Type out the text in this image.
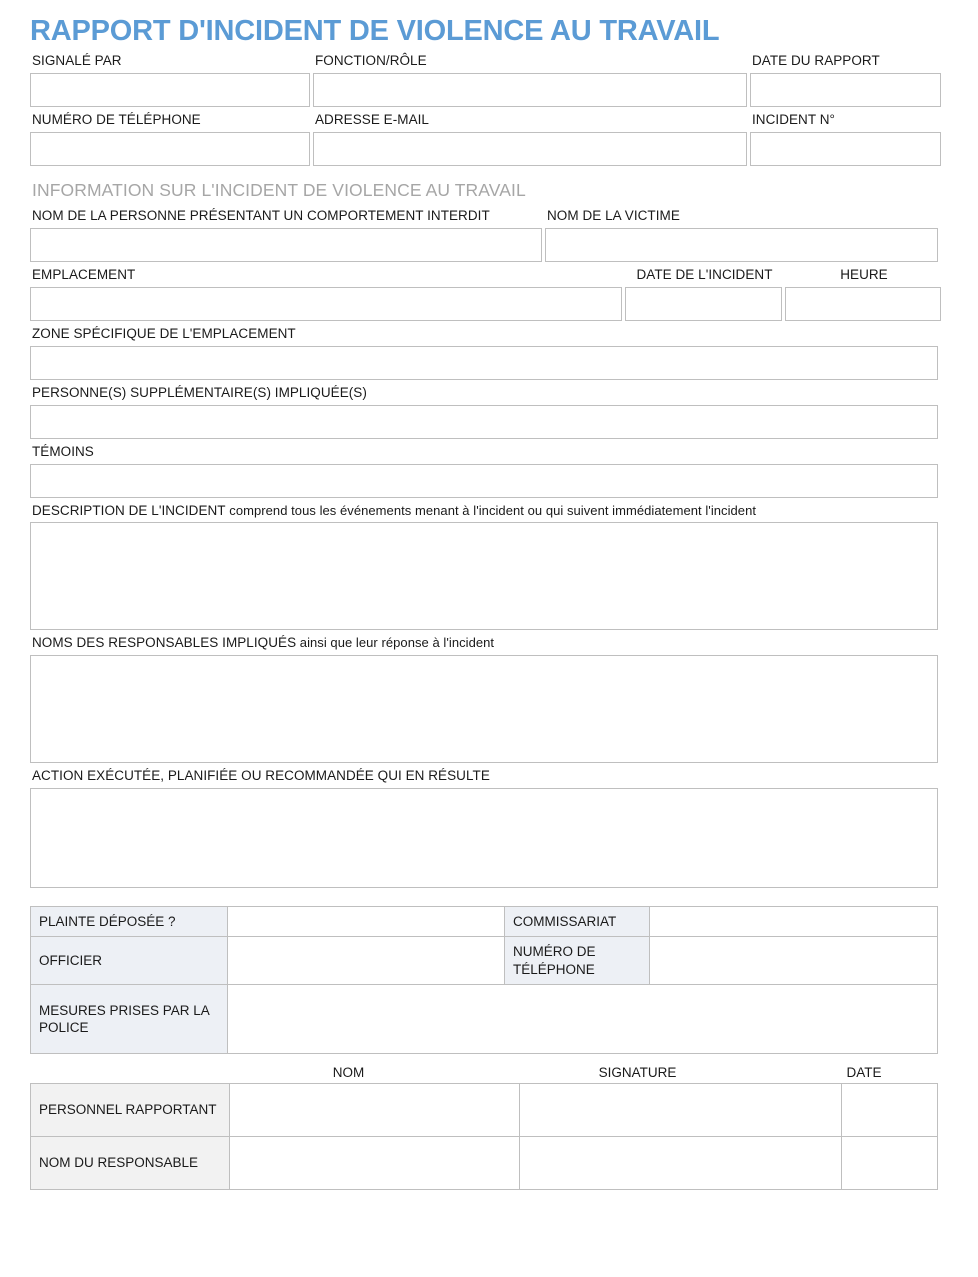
RAPPORT D'INCIDENT DE VIOLENCE AU TRAVAIL
SIGNALÉ PAR	FONCTION/RÔLE	DATE DU RAPPORT
NUMÉRO DE TÉLÉPHONE	ADRESSE E-MAIL	INCIDENT N°
INFORMATION SUR L'INCIDENT DE VIOLENCE AU TRAVAIL
NOM DE LA PERSONNE PRÉSENTANT UN COMPORTEMENT INTERDIT	NOM DE LA VICTIME
EMPLACEMENT	DATE DE L'INCIDENT	HEURE
ZONE SPÉCIFIQUE DE L'EMPLACEMENT
PERSONNE(S) SUPPLÉMENTAIRE(S) IMPLIQUÉE(S)
TÉMOINS
DESCRIPTION DE L'INCIDENT comprend tous les événements menant à l'incident ou qui suivent immédiatement l'incident
NOMS DES RESPONSABLES IMPLIQUÉS ainsi que leur réponse à l'incident
ACTION EXÉCUTÉE, PLANIFIÉE OU RECOMMANDÉE QUI EN RÉSULTE
PLAINTE DÉPOSÉE ?		COMMISSARIAT	
OFFICIER		NUMÉRO DE TÉLÉPHONE	
MESURES PRISES PAR LA POLICE			
NOM	SIGNATURE	DATE
PERSONNEL RAPPORTANT			
NOM DU RESPONSABLE			
